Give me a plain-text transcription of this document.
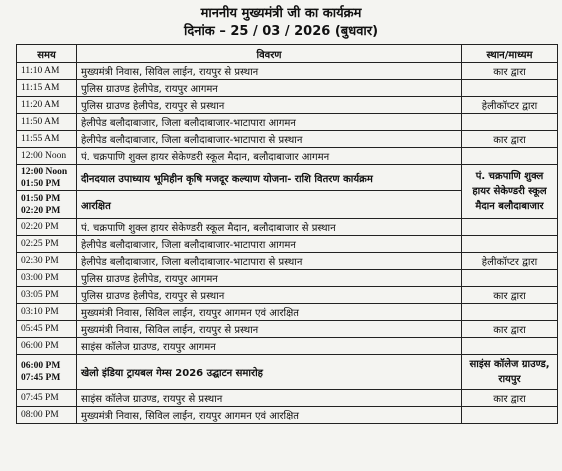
माननीय मुख्यमंत्री जी का कार्यक्रम
दिनांक – 25 / 03 / 2026 (बुधवार)
समय	विवरण	स्थान/माध्यम
11:10 AM	मुख्यमंत्री निवास, सिविल लाईन, रायपुर से प्रस्थान	कार द्वारा
11:15 AM	पुलिस ग्राउण्ड हेलीपेड, रायपुर आगमन	
11:20 AM	पुलिस ग्राउण्ड हेलीपेड, रायपुर से प्रस्थान	हेलीकॉप्टर द्वारा
11:50 AM	हेलीपेड बलौदाबाजार, जिला बलौदाबाजार-भाटापारा आगमन	
11:55 AM	हेलीपेड बलौदाबाजार, जिला बलौदाबाजार-भाटापारा से प्रस्थान	कार द्वारा
12:00 Noon	पं. चक्रपाणि शुक्ल हायर सेकेण्डरी स्कूल मैदान, बलौदाबाजार आगमन	

12:00 Noon
01:50 PM	दीनदयाल उपाध्याय भूमिहीन कृषि मजदूर कल्याण योजना- राशि वितरण कार्यक्रम	पं. चक्रपाणि शुक्ल हायर सेकेण्डरी स्कूल मैदान बलौदाबाजार

01:50 PM
02:20 PM	आरक्षित	
02:20 PM	पं. चक्रपाणि शुक्ल हायर सेकेण्डरी स्कूल मैदान, बलौदाबाजार से प्रस्थान	
02:25 PM	हेलीपेड बलौदाबाजार, जिला बलौदाबाजार-भाटापारा आगमन	
02:30 PM	हेलीपेड बलौदाबाजार, जिला बलौदाबाजार-भाटापारा से प्रस्थान	हेलीकॉप्टर द्वारा
03:00 PM	पुलिस ग्राउण्ड हेलीपेड, रायपुर आगमन	
03:05 PM	पुलिस ग्राउण्ड हेलीपेड, रायपुर से प्रस्थान	कार द्वारा
03:10 PM	मुख्यमंत्री निवास, सिविल लाईन, रायपुर आगमन एवं आरक्षित	
05:45 PM	मुख्यमंत्री निवास, सिविल लाईन, रायपुर से प्रस्थान	कार द्वारा
06:00 PM	साइंस कॉलेज ग्राउण्ड, रायपुर आगमन	

06:00 PM
07:45 PM	खेलो इंडिया ट्रायबल गेम्स 2026 उद्घाटन समारोह	साइंस कॉलेज ग्राउण्ड, रायपुर
07:45 PM	साइंस कॉलेज ग्राउण्ड, रायपुर से प्रस्थान	कार द्वारा
08:00 PM	मुख्यमंत्री निवास, सिविल लाईन, रायपुर आगमन एवं आरक्षित	
